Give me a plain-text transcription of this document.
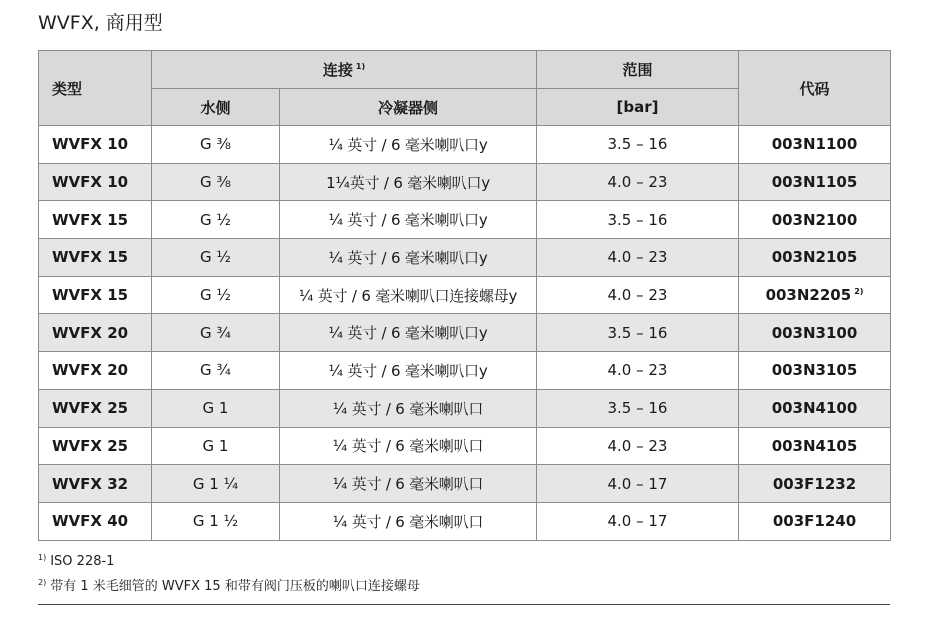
WVFX, 商用型
类型	连接 $^{1)}$		范围	代码
	水侧	冷凝器侧	[bar]	
WVFX 10	G ⅜	¼ 英寸 / 6 毫米喇叭口y	3.5 – 16	003N1100
WVFX 10	G ⅜	1¼英寸 / 6 毫米喇叭口y	4.0 – 23	003N1105
WVFX 15	G ½	¼ 英寸 / 6 毫米喇叭口y	3.5 – 16	003N2100
WVFX 15	G ½	¼ 英寸 / 6 毫米喇叭口y	4.0 – 23	003N2105
WVFX 15	G ½	¼ 英寸 / 6 毫米喇叭口连接螺母y	4.0 – 23	003N2205 $^{2)}$
WVFX 20	G ¾	¼ 英寸 / 6 毫米喇叭口y	3.5 – 16	003N3100
WVFX 20	G ¾	¼ 英寸 / 6 毫米喇叭口y	4.0 – 23	003N3105
WVFX 25	G 1	¼ 英寸 / 6 毫米喇叭口	3.5 – 16	003N4100
WVFX 25	G 1	¼ 英寸 / 6 毫米喇叭口	4.0 – 23	003N4105
WVFX 32	G 1 ¼	¼ 英寸 / 6 毫米喇叭口	4.0 – 17	003F1232
WVFX 40	G 1 ½	¼ 英寸 / 6 毫米喇叭口	4.0 – 17	003F1240
$^{1)}$ ISO 228-1
$^{2)}$ 带有 1 米毛细管的 WVFX 15 和带有阀门压板的喇叭口连接螺母
